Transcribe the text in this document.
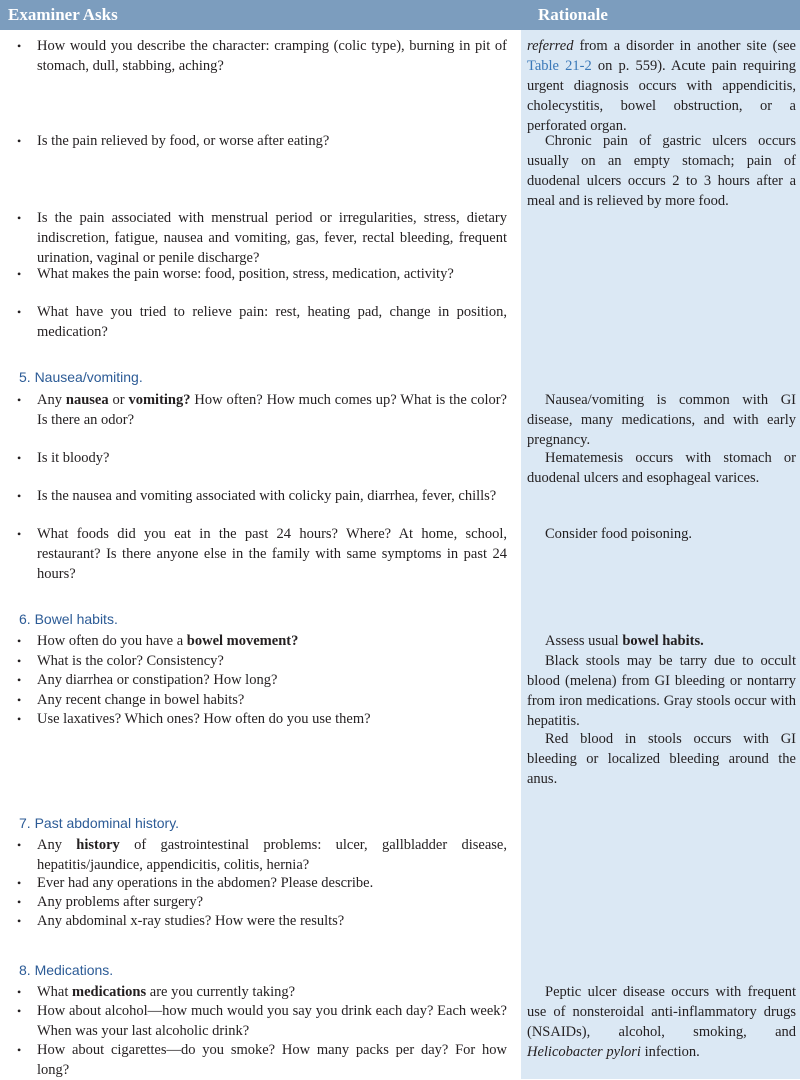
Examiner Asks	Rationale
• How would you describe the character: cramping (colic type), burning in pit of stomach, dull, stabbing, aching?
• Is the pain relieved by food, or worse after eating?
• Is the pain associated with menstrual period or irregularities, stress, dietary indiscretion, fatigue, nausea and vomiting, gas, fever, rectal bleeding, frequent urination, vaginal or penile discharge?
• What makes the pain worse: food, position, stress, medication, activity?
• What have you tried to relieve pain: rest, heating pad, change in position, medication?
referred from a disorder in another site (see Table 21-2 on p. 559). Acute pain requiring urgent diagnosis occurs with appendicitis, cholecystitis, bowel obstruction, or a perforated organ.
Chronic pain of gastric ulcers occurs usually on an empty stomach; pain of duodenal ulcers occurs 2 to 3 hours after a meal and is relieved by more food.
5. Nausea/vomiting.
• Any nausea or vomiting? How often? How much comes up? What is the color? Is there an odor?
• Is it bloody?
• Is the nausea and vomiting associated with colicky pain, diarrhea, fever, chills?
• What foods did you eat in the past 24 hours? Where? At home, school, restaurant? Is there anyone else in the family with same symptoms in past 24 hours?
Nausea/vomiting is common with GI disease, many medications, and with early pregnancy.
Hematemesis occurs with stomach or duodenal ulcers and esophageal varices.
Consider food poisoning.
6. Bowel habits.
• How often do you have a bowel movement?
• What is the color? Consistency?
• Any diarrhea or constipation? How long?
• Any recent change in bowel habits?
• Use laxatives? Which ones? How often do you use them?
Assess usual bowel habits.
Black stools may be tarry due to occult blood (melena) from GI bleeding or nontarry from iron medications. Gray stools occur with hepatitis.
Red blood in stools occurs with GI bleeding or localized bleeding around the anus.
7. Past abdominal history.
• Any history of gastrointestinal problems: ulcer, gallbladder disease, hepatitis/jaundice, appendicitis, colitis, hernia?
• Ever had any operations in the abdomen? Please describe.
• Any problems after surgery?
• Any abdominal x-ray studies? How were the results?
8. Medications.
• What medications are you currently taking?
• How about alcohol—how much would you say you drink each day? Each week? When was your last alcoholic drink?
• How about cigarettes—do you smoke? How many packs per day? For how long?
Peptic ulcer disease occurs with frequent use of nonsteroidal anti-inflammatory drugs (NSAIDs), alcohol, smoking, and Helicobacter pylori infection.
